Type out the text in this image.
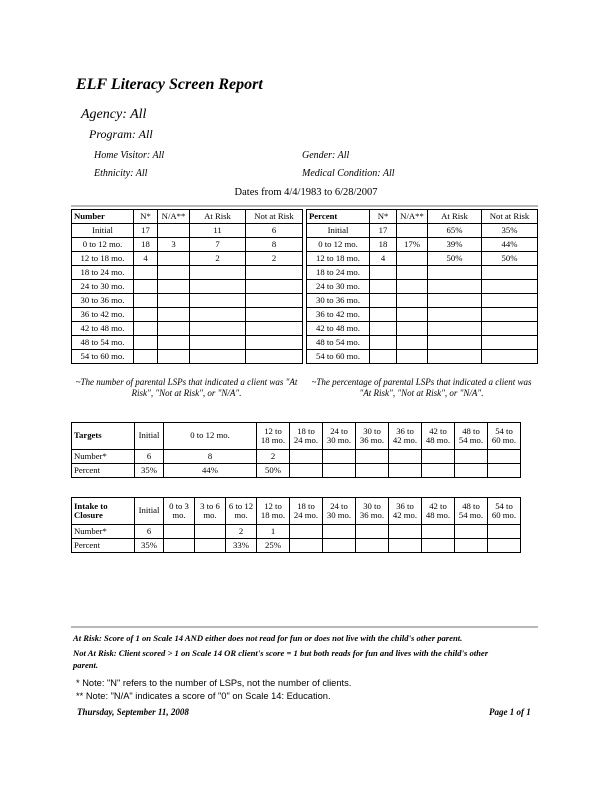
ELF Literacy Screen Report
Agency: All
Program: All
Home Visitor: All	Gender: All
Ethnicity: All	Medical Condition: All
Dates from 4/4/1983 to 6/28/2007
Number	N*	N/A**	At Risk	Not at Risk
Initial	17		11	6
0 to 12 mo.	18	3	7	8
12 to 18 mo.	4		2	2
18 to 24 mo.				
24 to 30 mo.				
30 to 36 mo.				
36 to 42 mo.				
42 to 48 mo.				
48 to 54 mo.				
54 to 60 mo.				
~The number of parental LSPs that indicated a client was "At Risk", "Not at Risk", or "N/A".
Percent	N*	N/A**	At Risk	Not at Risk
Initial	17		65%	35%
0 to 12 mo.	18	17%	39%	44%
12 to 18 mo.	4		50%	50%
18 to 24 mo.				
24 to 30 mo.				
30 to 36 mo.				
36 to 42 mo.				
42 to 48 mo.				
48 to 54 mo.				
54 to 60 mo.				
~The percentage of parental LSPs that indicated a client was "At Risk", "Not at Risk", or "N/A".
Targets	Initial	0 to 12 mo.	12 to 18 mo.	18 to 24 mo.	24 to 30 mo.	30 to 36 mo.	36 to 42 mo.	42 to 48 mo.	48 to 54 mo.	54 to 60 mo.
Number*	6	8	2							
Percent	35%	44%	50%							
Intake to Closure	Initial	0 to 3 mo.	3 to 6 mo.	6 to 12 mo.	12 to 18 mo.	18 to 24 mo.	24 to 30 mo.	30 to 36 mo.	36 to 42 mo.	42 to 48 mo.	48 to 54 mo.	54 to 60 mo.
Number*	6			2	1							
Percent	35%			33%	25%							
At Risk: Score of 1 on Scale 14 AND either does not read for fun or does not live with the child's other parent.
Not At Risk: Client scored > 1 on Scale 14 OR client's score = 1 but both reads for fun and lives with the child's other parent.
* Note: "N" refers to the number of LSPs, not the number of clients.
** Note: "N/A" indicates a score of "0" on Scale 14: Education.
Thursday, September 11, 2008	Page 1 of 1
